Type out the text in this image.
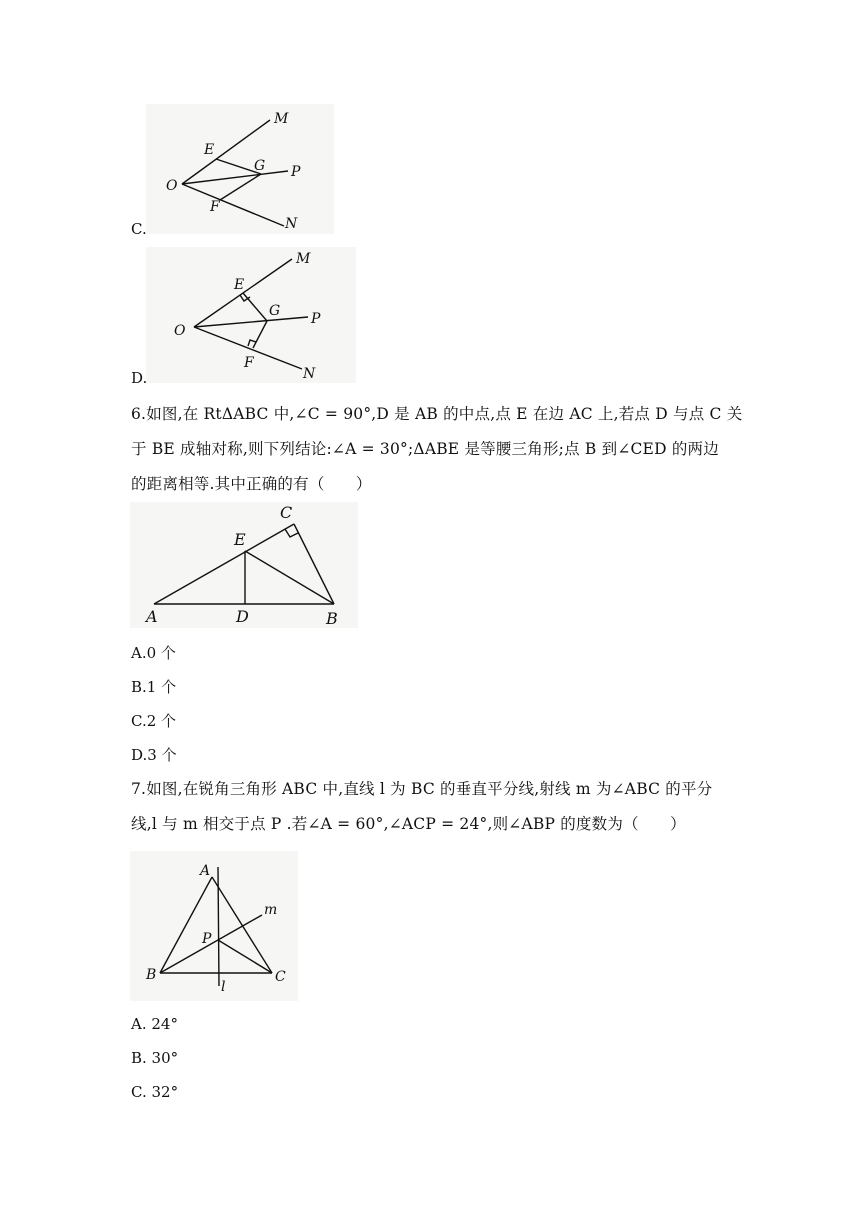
M
E
G P
O
F
N
C.
M
E
G P
O
F
N
D.
6.如图,在 RtΔABC 中,∠C = 90°,D 是 AB 的中点,点 E 在边 AC 上,若点 D 与点 C 关
于 BE 成轴对称,则下列结论:∠A = 30°;ΔABE 是等腰三角形;点 B 到∠CED 的两边
的距离相等.其中正确的有（　　）
A	B
C
D
E
A.0 个
B.1 个
C.2 个
D.3 个
7.如图,在锐角三角形 ABC 中,直线 l 为 BC 的垂直平分线,射线 m 为∠ABC 的平分
线,l 与 m 相交于点 P .若∠A = 60°,∠ACP = 24°,则∠ABP 的度数为（　　）
A
B	C
P
l
m
A. 24°
B. 30°
C. 32°
